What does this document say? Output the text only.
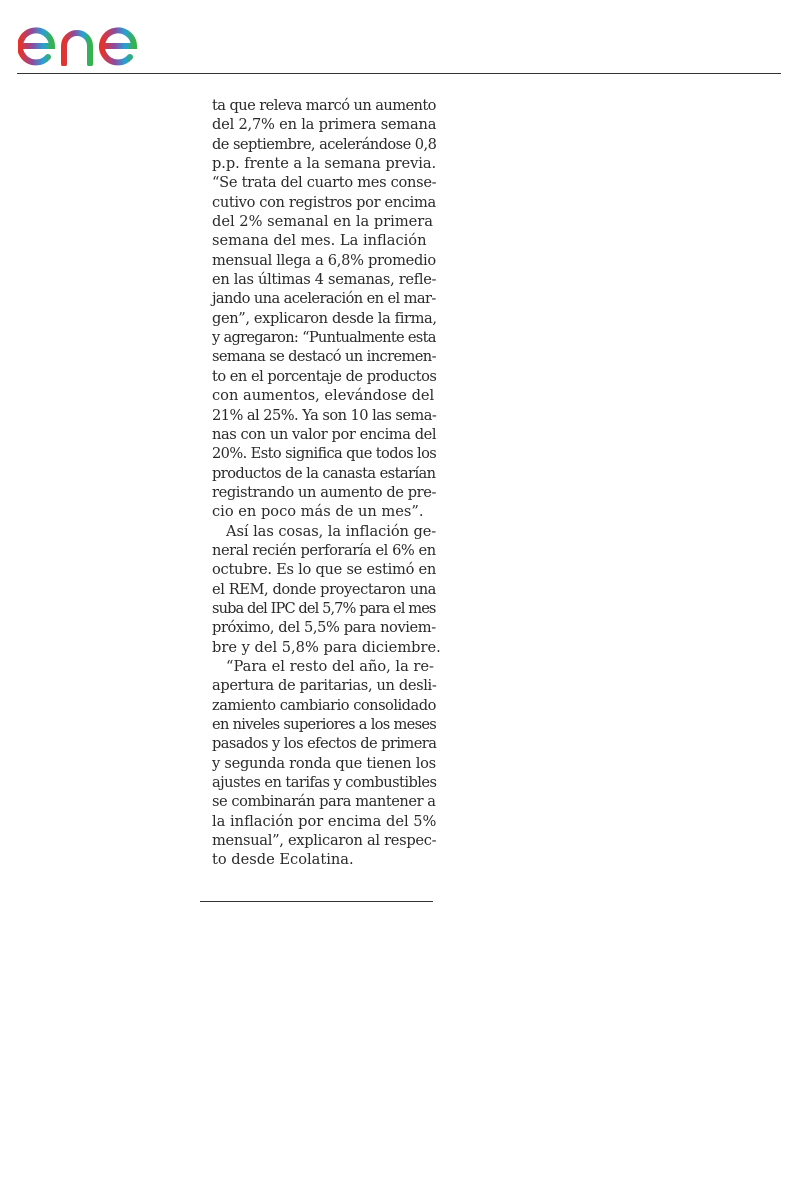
ta que releva marcó un aumento
del 2,7% en la primera semana
de septiembre, acelerándose 0,8
p.p. frente a la semana previa.
“Se trata del cuarto mes conse-
cutivo con registros por encima
del 2% semanal en la primera
semana del mes. La inflación
mensual llega a 6,8% promedio
en las últimas 4 semanas, refle-
jando una aceleración en el mar-
gen”, explicaron desde la firma,
y agregaron: “Puntualmente esta
semana se destacó un incremen-
to en el porcentaje de productos
con aumentos, elevándose del
21% al 25%. Ya son 10 las sema-
nas con un valor por encima del
20%. Esto significa que todos los
productos de la canasta estarían
registrando un aumento de pre-
cio en poco más de un mes”.
Así las cosas, la inflación ge-
neral recién perforaría el 6% en
octubre. Es lo que se estimó en
el REM, donde proyectaron una
suba del IPC del 5,7% para el mes
próximo, del 5,5% para noviem-
bre y del 5,8% para diciembre.
“Para el resto del año, la re-
apertura de paritarias, un desli-
zamiento cambiario consolidado
en niveles superiores a los meses
pasados y los efectos de primera
y segunda ronda que tienen los
ajustes en tarifas y combustibles
se combinarán para mantener a
la inflación por encima del 5%
mensual”, explicaron al respec-
to desde Ecolatina.
